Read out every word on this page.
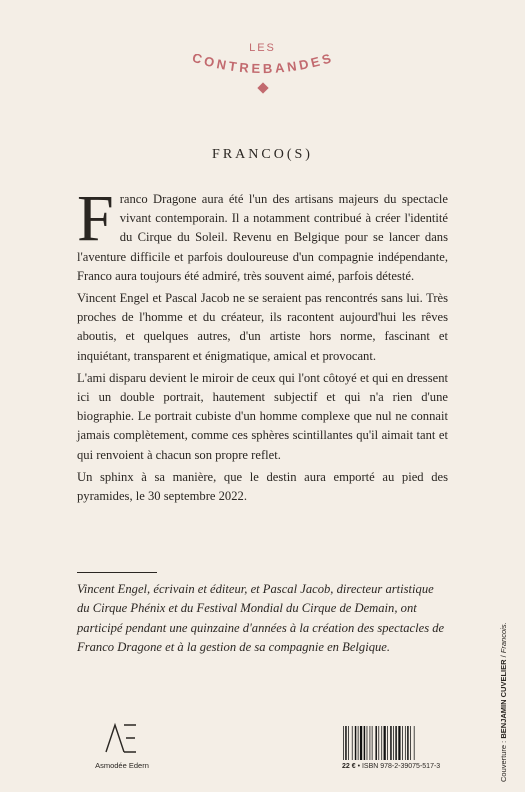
LES
CONTREBANDES
FRANCO(S)

Franco Dragone aura été l'un des artisans majeurs du spectacle vivant contemporain. Il a notamment contribué à créer l'identité du Cirque du Soleil. Revenu en Belgique pour se lancer dans l'aventure difficile et parfois douloureuse d'un compagnie indépendante, Franco aura toujours été admiré, très souvent aimé, parfois détesté.

Vincent Engel et Pascal Jacob ne se seraient pas rencontrés sans lui. Très proches de l'homme et du créateur, ils racontent aujourd'hui les rêves aboutis, et quelques autres, d'un artiste hors norme, fascinant et inquiétant, transparent et énigmatique, amical et provocant.

L'ami disparu devient le miroir de ceux qui l'ont côtoyé et qui en dressent ici un double portrait, hautement subjectif et qui n'a rien d'une biographie. Le portrait cubiste d'un homme complexe que nul ne connait jamais complètement, comme ces sphères scintillantes qu'il aimait tant et qui renvoient à chacun son propre reflet.

Un sphinx à sa manière, que le destin aura emporté au pied des pyramides, le 30 septembre 2022.

Vincent Engel, écrivain et éditeur, et Pascal Jacob, directeur artistique du Cirque Phénix et du Festival Mondial du Cirque de Demain, ont participé pendant une quinzaine d'années à la création des spectacles de Franco Dragone et à la gestion de sa compagnie en Belgique.
Couverture : BENJAMIN CUVELIER / Francois.
Asmodée Edern	22 € • ISBN 978-2-39075-517-3
